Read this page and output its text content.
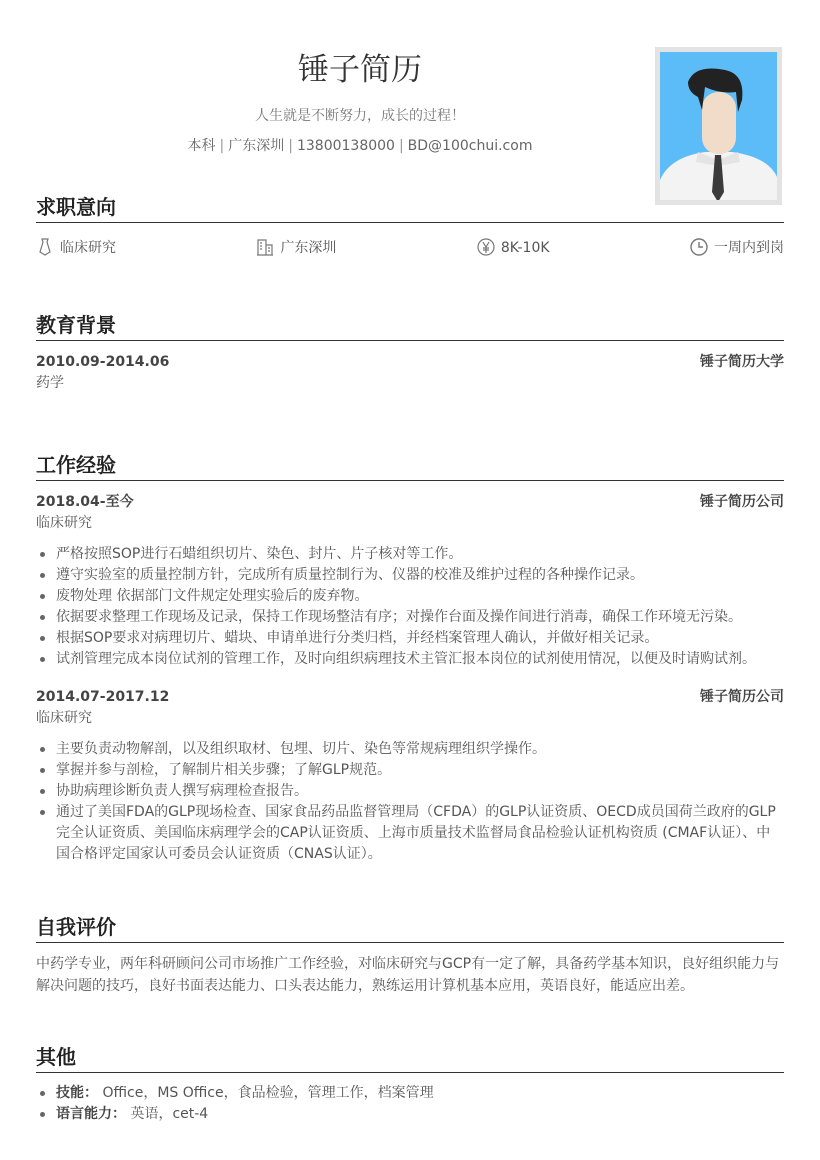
锤子简历
人生就是不断努力，成长的过程！
本科 | 广东深圳 | 13800138000 | BD@100chui.com
求职意向
临床研究	广东深圳	8K-10K	一周内到岗
教育背景
2010.09-2014.06	锤子简历大学
药学
工作经验
2018.04-至今	锤子简历公司
临床研究
严格按照SOP进行石蜡组织切片、染色、封片、片子核对等工作。
遵守实验室的质量控制方针，完成所有质量控制行为、仪器的校准及维护过程的各种操作记录。
废物处理 依据部门文件规定处理实验后的废弃物。
依据要求整理工作现场及记录，保持工作现场整洁有序；对操作台面及操作间进行消毒，确保工作环境无污染。
根据SOP要求对病理切片、蜡块、申请单进行分类归档，并经档案管理人确认，并做好相关记录。
试剂管理完成本岗位试剂的管理工作，及时向组织病理技术主管汇报本岗位的试剂使用情况，以便及时请购试剂。
2014.07-2017.12	锤子简历公司
临床研究
主要负责动物解剖，以及组织取材、包埋、切片、染色等常规病理组织学操作。
掌握并参与剖检，了解制片相关步骤；了解GLP规范。
协助病理诊断负责人撰写病理检查报告。
通过了美国FDA的GLP现场检查、国家食品药品监督管理局（CFDA）的GLP认证资质、OECD成员国荷兰政府的GLP完全认证资质、美国临床病理学会的CAP认证资质、上海市质量技术监督局食品检验认证机构资质 (CMAF认证）、中国合格评定国家认可委员会认证资质（CNAS认证）。
自我评价
中药学专业，两年科研顾问公司市场推广工作经验，对临床研究与GCP有一定了解，具备药学基本知识，良好组织能力与解决问题的技巧，良好书面表达能力、口头表达能力，熟练运用计算机基本应用，英语良好，能适应出差。
其他
技能： Office，MS Office，食品检验，管理工作，档案管理
语言能力： 英语，cet-4
